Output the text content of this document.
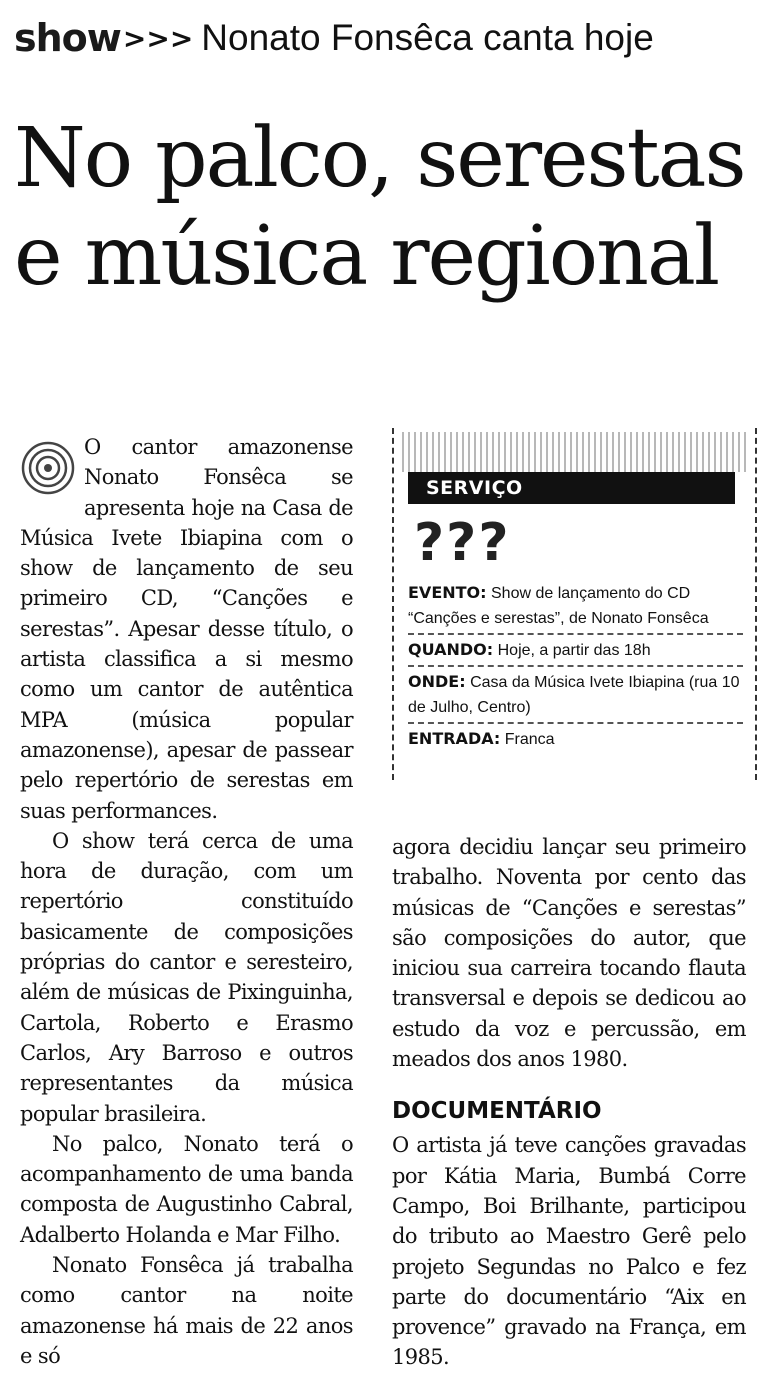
show >>> Nonato Fonsêca canta hoje
No palco, serestas
e música regional

O cantor amazonense Nonato Fonsêca se apresenta hoje na Casa de Música Ivete Ibiapina com o show de lançamento de seu primeiro CD, “Canções e serestas”. Apesar desse título, o artista classifica a si mesmo como um cantor de autêntica MPA (música popular amazonense), apesar de passear pelo repertório de serestas em suas performances.

O show terá cerca de uma hora de duração, com um repertório constituído basicamente de composições próprias do cantor e seresteiro, além de músicas de Pixinguinha, Cartola, Roberto e Erasmo Carlos, Ary Barroso e outros representantes da música popular brasileira.

No palco, Nonato terá o acompanhamento de uma banda composta de Augustinho Cabral, Adalberto Holanda e Mar Filho.

Nonato Fonsêca já trabalha como cantor na noite amazonense há mais de 22 anos e só

SERVIÇO
???
EVENTO: Show de lançamento do CD “Canções e serestas”, de Nonato Fonsêca
QUANDO: Hoje, a partir das 18h
ONDE: Casa da Música Ivete Ibiapina (rua 10 de Julho, Centro)
ENTRADA: Franca

agora decidiu lançar seu primeiro trabalho. Noventa por cento das músicas de “Canções e serestas” são composições do autor, que iniciou sua carreira tocando flauta transversal e depois se dedicou ao estudo da voz e percussão, em meados dos anos 1980.

DOCUMENTÁRIO

O artista já teve canções gravadas por Kátia Maria, Bumbá Corre Campo, Boi Brilhante, participou do tributo ao Maestro Gerê pelo projeto Segundas no Palco e fez parte do documentário “Aix en provence” gravado na França, em 1985.
